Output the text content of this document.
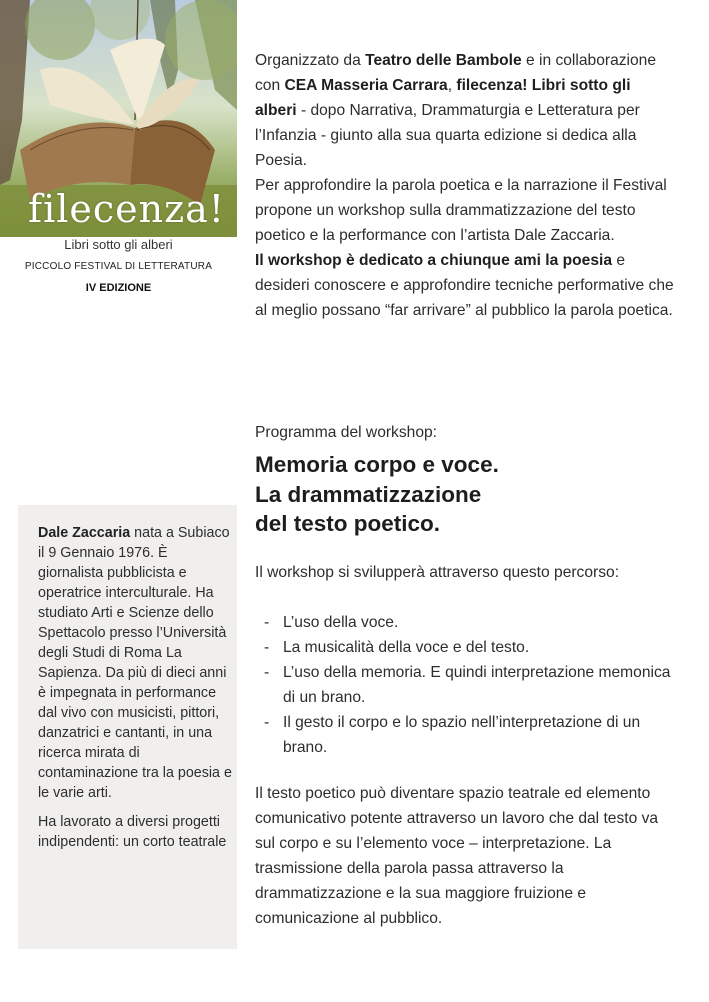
filecenza!
Libri sotto gli alberi
PICCOLO FESTIVAL DI LETTERATURA
IV EDIZIONE

Organizzato da Teatro delle Bambole e in collaborazione con CEA Masseria Carrara, filecenza! Libri sotto gli alberi - dopo Narrativa, Drammaturgia e Letteratura per l’Infanzia - giunto alla sua quarta edizione si dedica alla Poesia.

Per approfondire la parola poetica e la narrazione il Festival propone un workshop sulla drammatizzazione del testo poetico e la performance con l’artista Dale Zaccaria.

Il workshop è dedicato a chiunque ami la poesia e desideri conoscere e approfondire tecniche performative che al meglio possano “far arrivare” al pubblico la parola poetica.

Programma del workshop:
Memoria corpo e voce.
La drammatizzazione
del testo poetico.
Il workshop si svilupperà attraverso questo percorso:
- L’uso della voce.
- La musicalità della voce e del testo.
- L’uso della memoria. E quindi interpretazione memonica di un brano.
- Il gesto il corpo e lo spazio nell’interpretazione di un brano.
Il testo poetico può diventare spazio teatrale ed elemento comunicativo potente attraverso un lavoro che dal testo va sul corpo e su l’elemento voce – interpretazione. La trasmissione della parola passa attraverso la drammatizzazione e la sua maggiore fruizione e comunicazione al pubblico.

Dale Zaccaria nata a Subiaco il 9 Gennaio 1976. È giornalista pubblicista e operatrice interculturale. Ha studiato Arti e Scienze dello Spettacolo presso l’Università degli Studi di Roma La Sapienza. Da più di dieci anni è impegnata in performance dal vivo con musicisti, pittori, danzatrici e cantanti, in una ricerca mirata di contaminazione tra la poesia e le varie arti.

Ha lavorato a diversi progetti indipendenti: un corto teatrale
